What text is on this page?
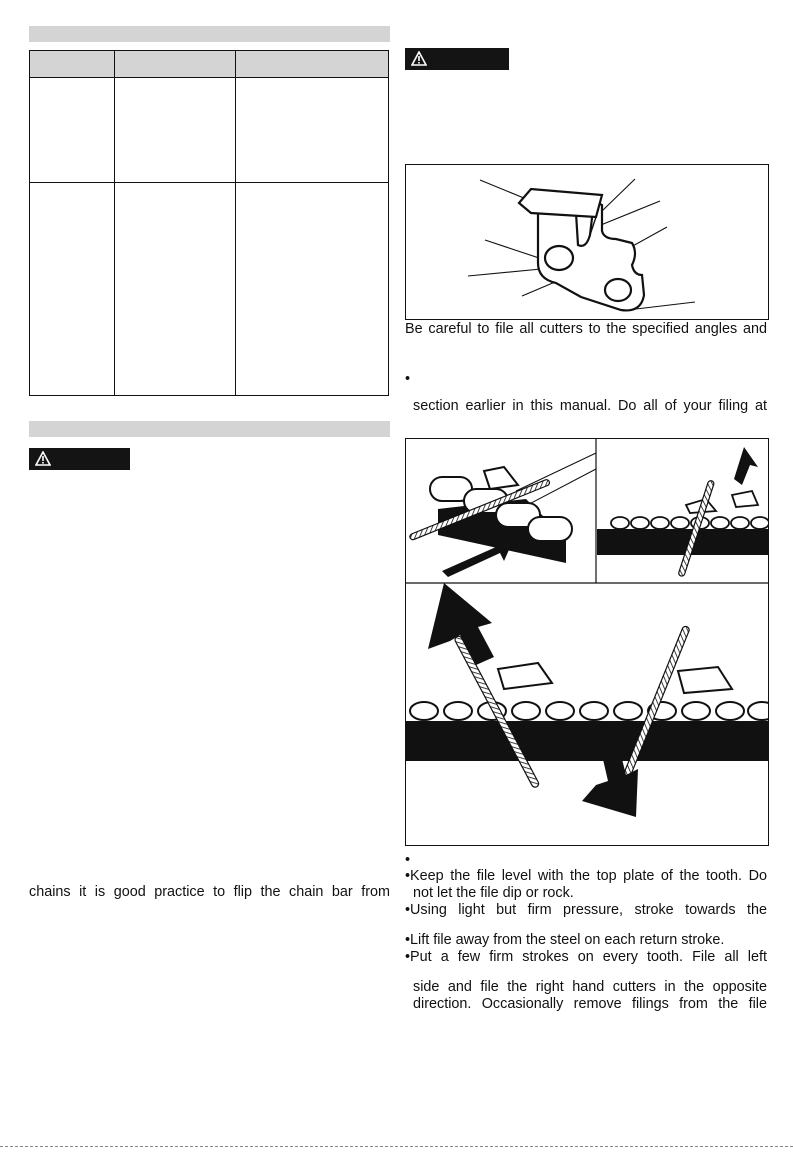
chains it is good practice to flip the chain bar from
Be careful to file all cutters to the specified angles and
•
section earlier in this manual. Do all of your filing at
•
•Keep the file level with the top plate of the tooth. Do
not let the file dip or rock.
•Using light but firm pressure, stroke towards the
•Lift file away from the steel on each return stroke.
•Put a few firm strokes on every tooth. File all left
side and file the right hand cutters in the opposite
direction. Occasionally remove filings from the file
